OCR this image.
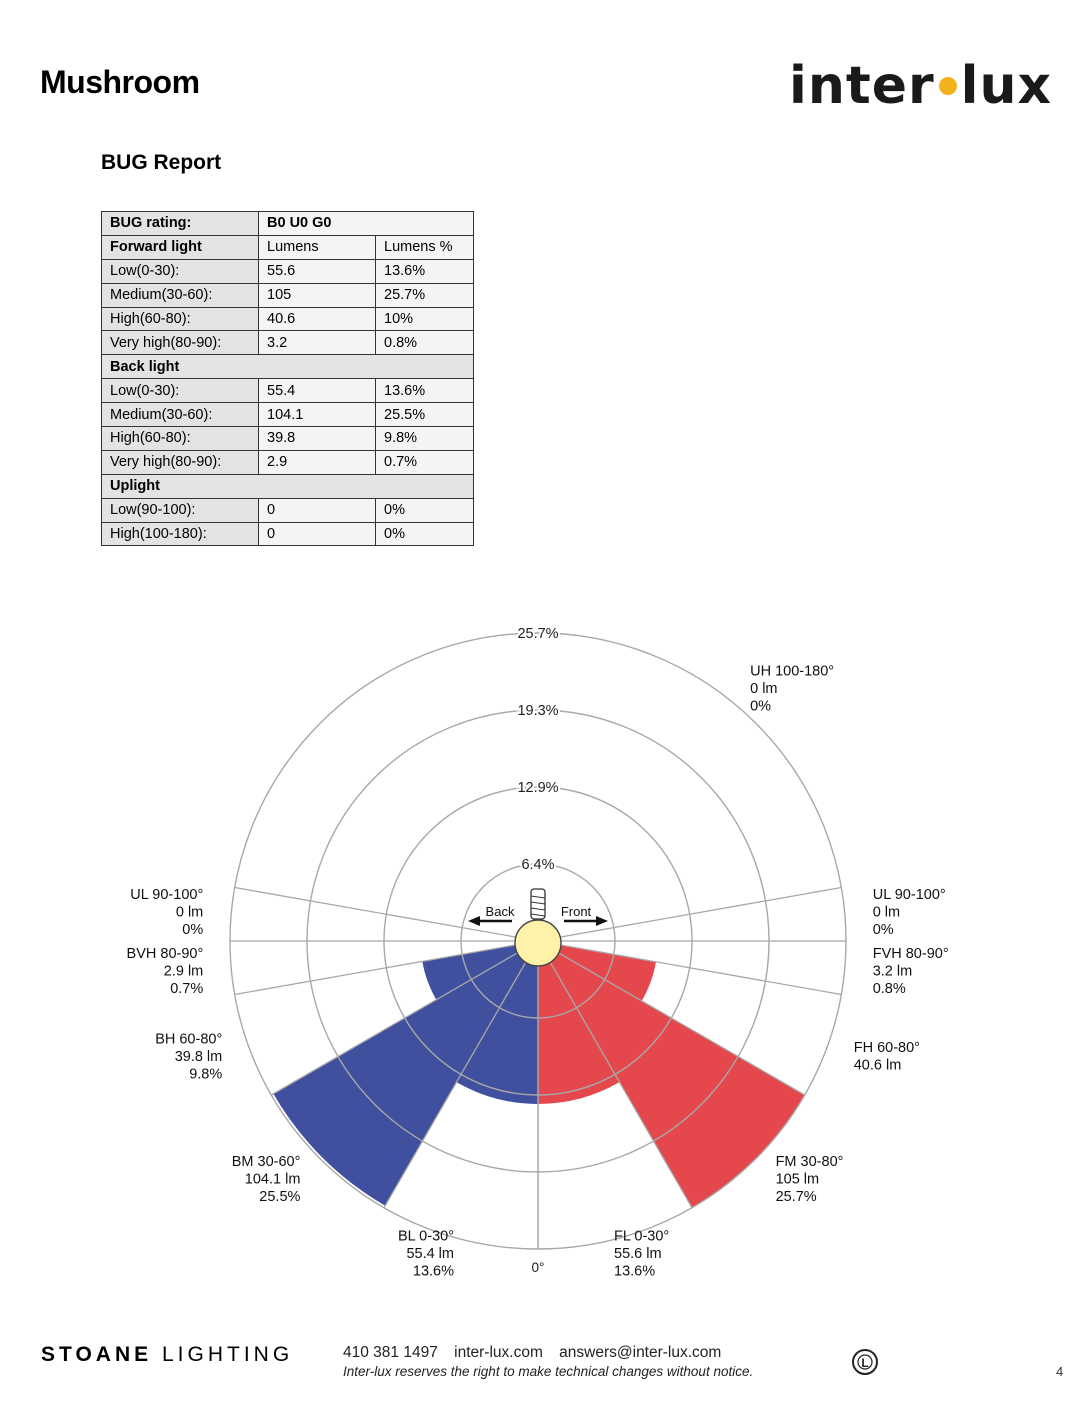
Mushroom	inter lux
BUG Report
BUG rating:	B0 U0 G0	
Forward light	Lumens	Lumens %
Low(0-30):	55.6	13.6%
Medium(30-60):	105	25.7%
High(60-80):	40.6	10%
Very high(80-90):	3.2	0.8%
Back light		
Low(0-30):	55.4	13.6%
Medium(30-60):	104.1	25.5%
High(60-80):	39.8	9.8%
Very high(80-90):	2.9	0.7%
Uplight		
Low(90-100):	0	0%
High(100-180):	0	0%
6.4%
12.9%
19.3%
25.7%
0°
Back	Front
FL 0-30°
55.6 lm
13.6%
FM 30-80°
105 lm
25.7%
FH 60-80°
40.6 lm
FVH 80-90°
3.2 lm
0.8%
UL 90-100°
0 lm
0%
UH 100-180°
0 lm
0%
BL 0-30°
55.4 lm
13.6%
BM 30-60°
104.1 lm
25.5%
BH 60-80°
39.8 lm
9.8%
BVH 80-90°
2.9 lm
0.7%
UL 90-100°
0 lm
0%
STOANE LIGHTING	410 381 1497 inter-lux.com answers@inter-lux.com
Inter-lux reserves the right to make technical changes without notice.
L
4
